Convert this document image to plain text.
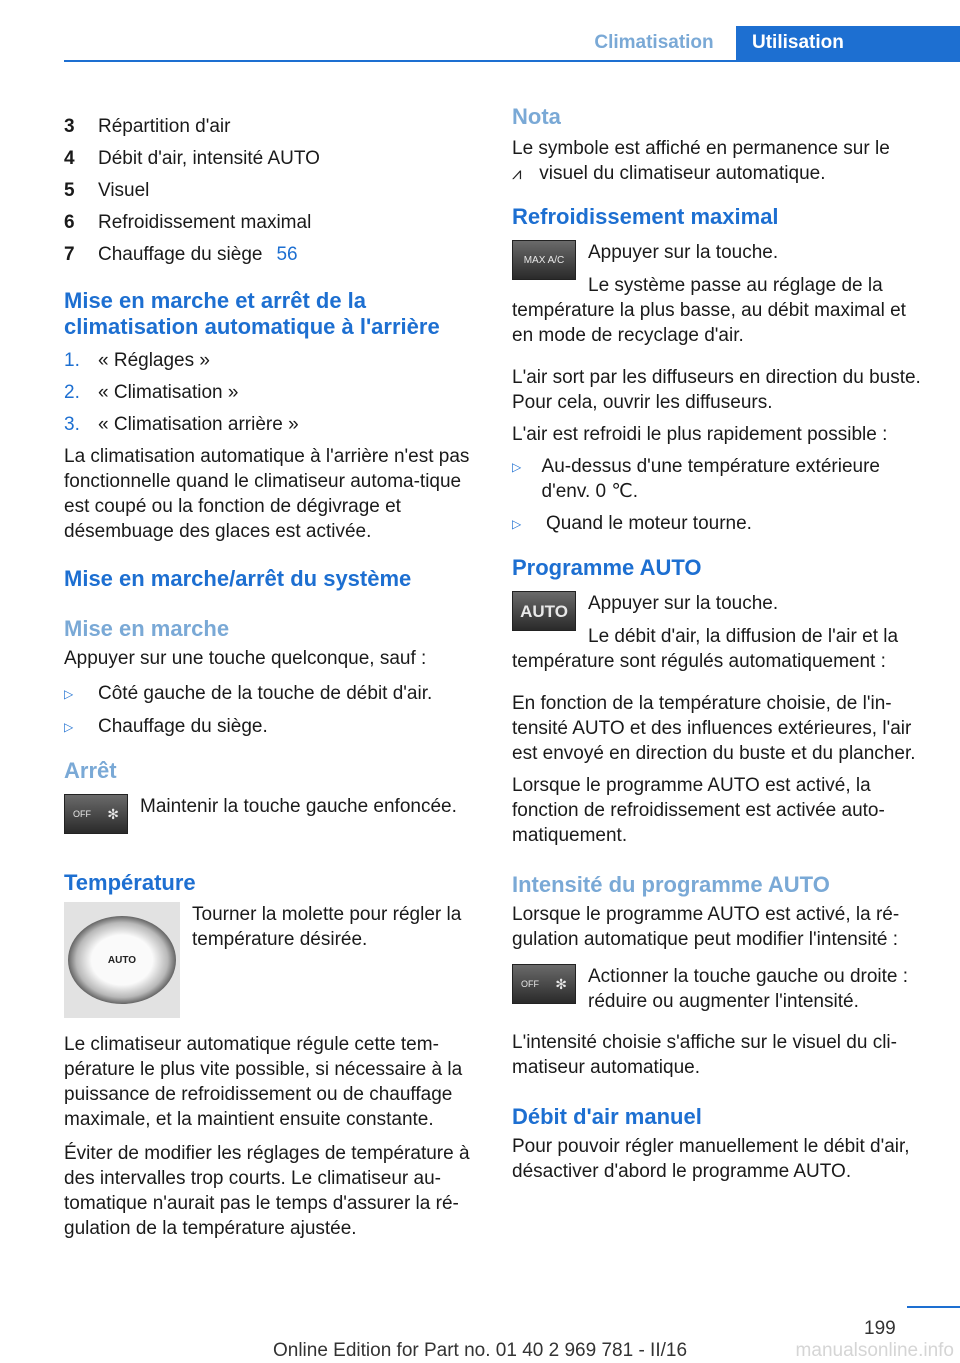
Climatisation	Utilisation
3	Répartition d'air
4	Débit d'air, intensité AUTO
5	Visuel
6	Refroidissement maximal
7	Chauffage du siège 56
Mise en marche et arrêt de la climatisation automatique à l'arrière
1. « Réglages »
2. « Climatisation »
3. « Climatisation arrière »

La climatisation automatique à l'arrière n'est pas fonctionnelle quand le climatiseur automa‐tique est coupé ou la fonction de dégivrage et désembuage des glaces est activée.

Mise en marche/arrêt du système
Mise en marche

Appuyer sur une touche quelconque, sauf :

▷	Côté gauche de la touche de débit d'air.
▷	Chauffage du siège.
Arrêt
OFF ✻ Maintenir la touche gauche enfoncée.
Température
AUTO
Tourner la molette pour régler la température désirée.

Le climatiseur automatique régule cette tem‐pérature le plus vite possible, si nécessaire à la puissance de refroidissement ou de chauffage maximale, et la maintient ensuite constante.

Éviter de modifier les réglages de température à des intervalles trop courts. Le climatiseur au‐tomatique n'aurait pas le temps d'assurer la ré‐gulation de la température ajustée.

Nota

Le symbole est affiché en permanence sur le

⩘ visuel du climatiseur automatique.

Refroidissement maximal
MAX A/C	Appuyer sur la touche.

Le système passe au réglage de la température la plus basse, au débit maximal et en mode de recyclage d'air.

L'air sort par les diffuseurs en direction du buste. Pour cela, ouvrir les diffuseurs.

L'air est refroidi le plus rapidement possible :

▷	Au-dessus d'une température extérieure d'env. 0 ℃.
▷	Quand le moteur tourne.
Programme AUTO
AUTO	Appuyer sur la touche.

Le débit d'air, la diffusion de l'air et la température sont régulés automatiquement :

En fonction de la température choisie, de l'in‐tensité AUTO et des influences extérieures, l'air est envoyé en direction du buste et du plancher.

Lorsque le programme AUTO est activé, la fonction de refroidissement est activée auto‐matiquement.

Intensité du programme AUTO

Lorsque le programme AUTO est activé, la ré‐gulation automatique peut modifier l'intensité :

OFF ✻ Actionner la touche gauche ou droite : réduire ou augmenter l'intensité.

L'intensité choisie s'affiche sur le visuel du cli‐matiseur automatique.

Débit d'air manuel

Pour pouvoir régler manuellement le débit d'air, désactiver d'abord le programme AUTO.

199
Online Edition for Part no. 01 40 2 969 781 - II/16	manualsonline.info
